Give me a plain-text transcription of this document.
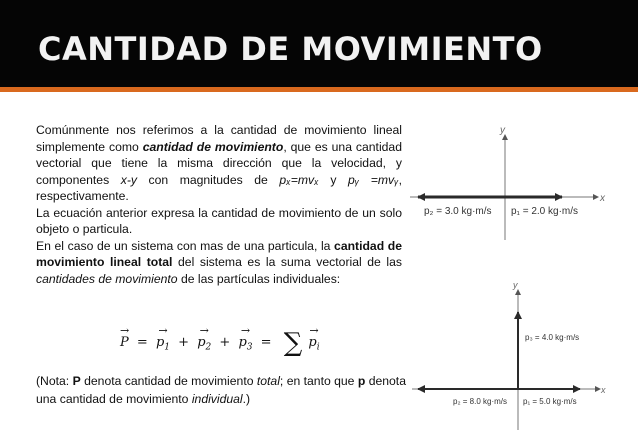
CANTIDAD DE MOVIMIENTO

Comúnmente nos referimos a la cantidad de movimiento lineal simplemente como cantidad de movimiento, que es una cantidad vectorial que tiene la misma dirección que la velocidad, y componentes x-y con magnitudes de pₓ=mvₓ y pᵧ =mvᵧ, respectivamente.

La ecuación anterior expresa la cantidad de movimiento de un solo objeto o particula.

En el caso de un sistema con mas de una particula, la cantidad de movimiento lineal total del sistema es la suma vectorial de las cantidades de movimiento de las partículas individuales:

→ P = → $p_1$ + → $p_2$ + → $p_3$ = ∑ → $p_i$
(Nota: P denota cantidad de movimiento total; en tanto que p denota una cantidad de movimiento individual.)
x
y
p₂ = 3.0 kg·m/s p₁ = 2.0 kg·m/s
x
y
p₃ = 4.0 kg·m/s
p₂ = 8.0 kg·m/s p₁ = 5.0 kg·m/s
